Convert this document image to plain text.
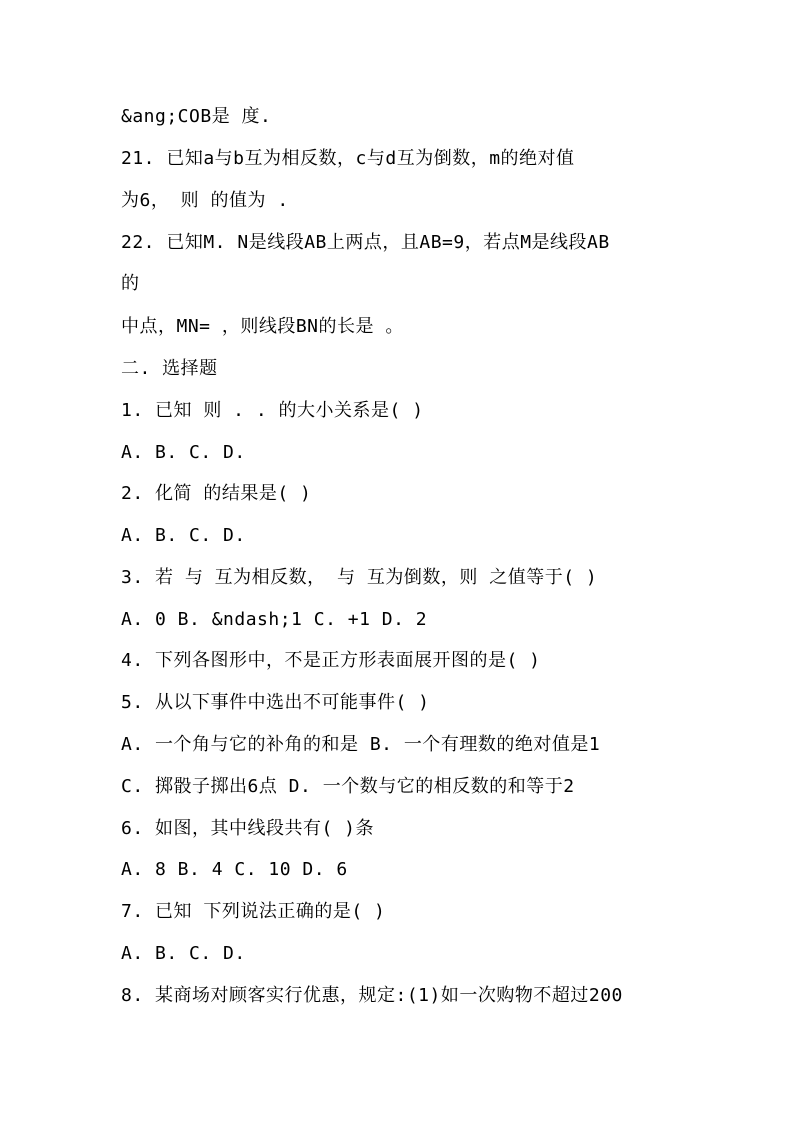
&ang;COB是 度.
21. 已知a与b互为相反数，c与d互为倒数，m的绝对值
为6， 则 的值为 .
22. 已知M. N是线段AB上两点，且AB=9，若点M是线段AB
的
中点，MN= ，则线段BN的长是 。
二. 选择题
1. 已知 则 . . 的大小关系是( )
A. B. C. D.
2. 化简 的结果是( )
A. B. C. D.
3. 若 与 互为相反数， 与 互为倒数，则 之值等于( )
A. 0 B. &ndash;1 C. +1 D. 2
4. 下列各图形中，不是正方形表面展开图的是( )
5. 从以下事件中选出不可能事件( )
A. 一个角与它的补角的和是 B. 一个有理数的绝对值是1
C. 掷骰子掷出6点 D. 一个数与它的相反数的和等于2
6. 如图，其中线段共有( )条
A. 8 B. 4 C. 10 D. 6
7. 已知 下列说法正确的是( )
A. B. C. D.
8. 某商场对顾客实行优惠，规定:(1)如一次购物不超过200
